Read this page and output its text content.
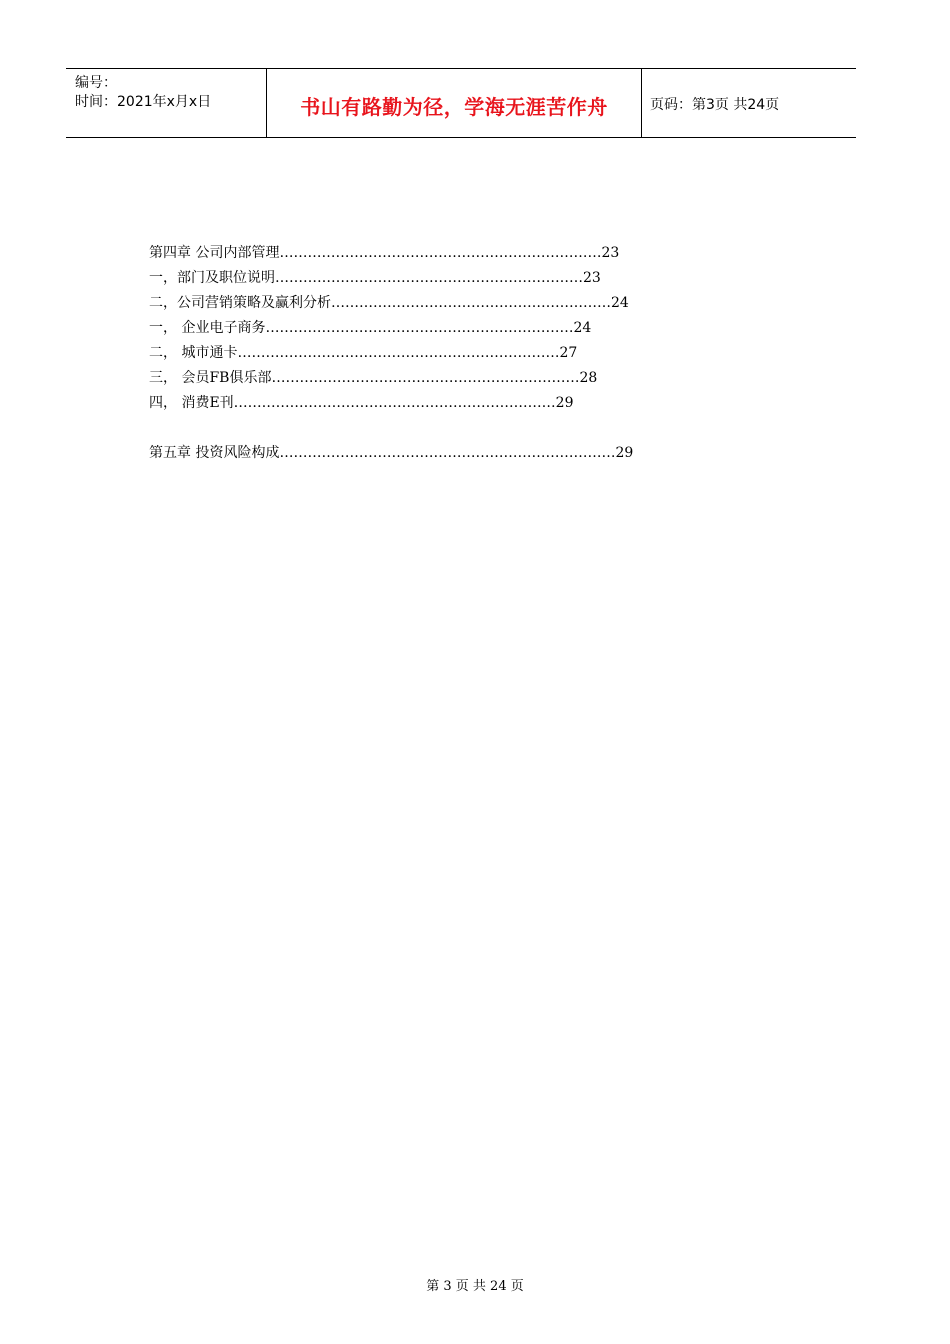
编号：
时间：2021年x月x日	书山有路勤为径，学海无涯苦作舟	页码：第3页 共24页
第四章 公司内部管理……………………………………………………………23
一，部门及职位说明…………………………………………………………23
二，公司营销策略及赢利分析……………………………………………………24
一， 企业电子商务…………………………………………………………24
二， 城市通卡……………………………………………………………27
三， 会员FB俱乐部…………………………………………………………28
四， 消费E刊……………………………………………………………29
第五章 投资风险构成………………………………………………………………29
第 3 页 共 24 页
